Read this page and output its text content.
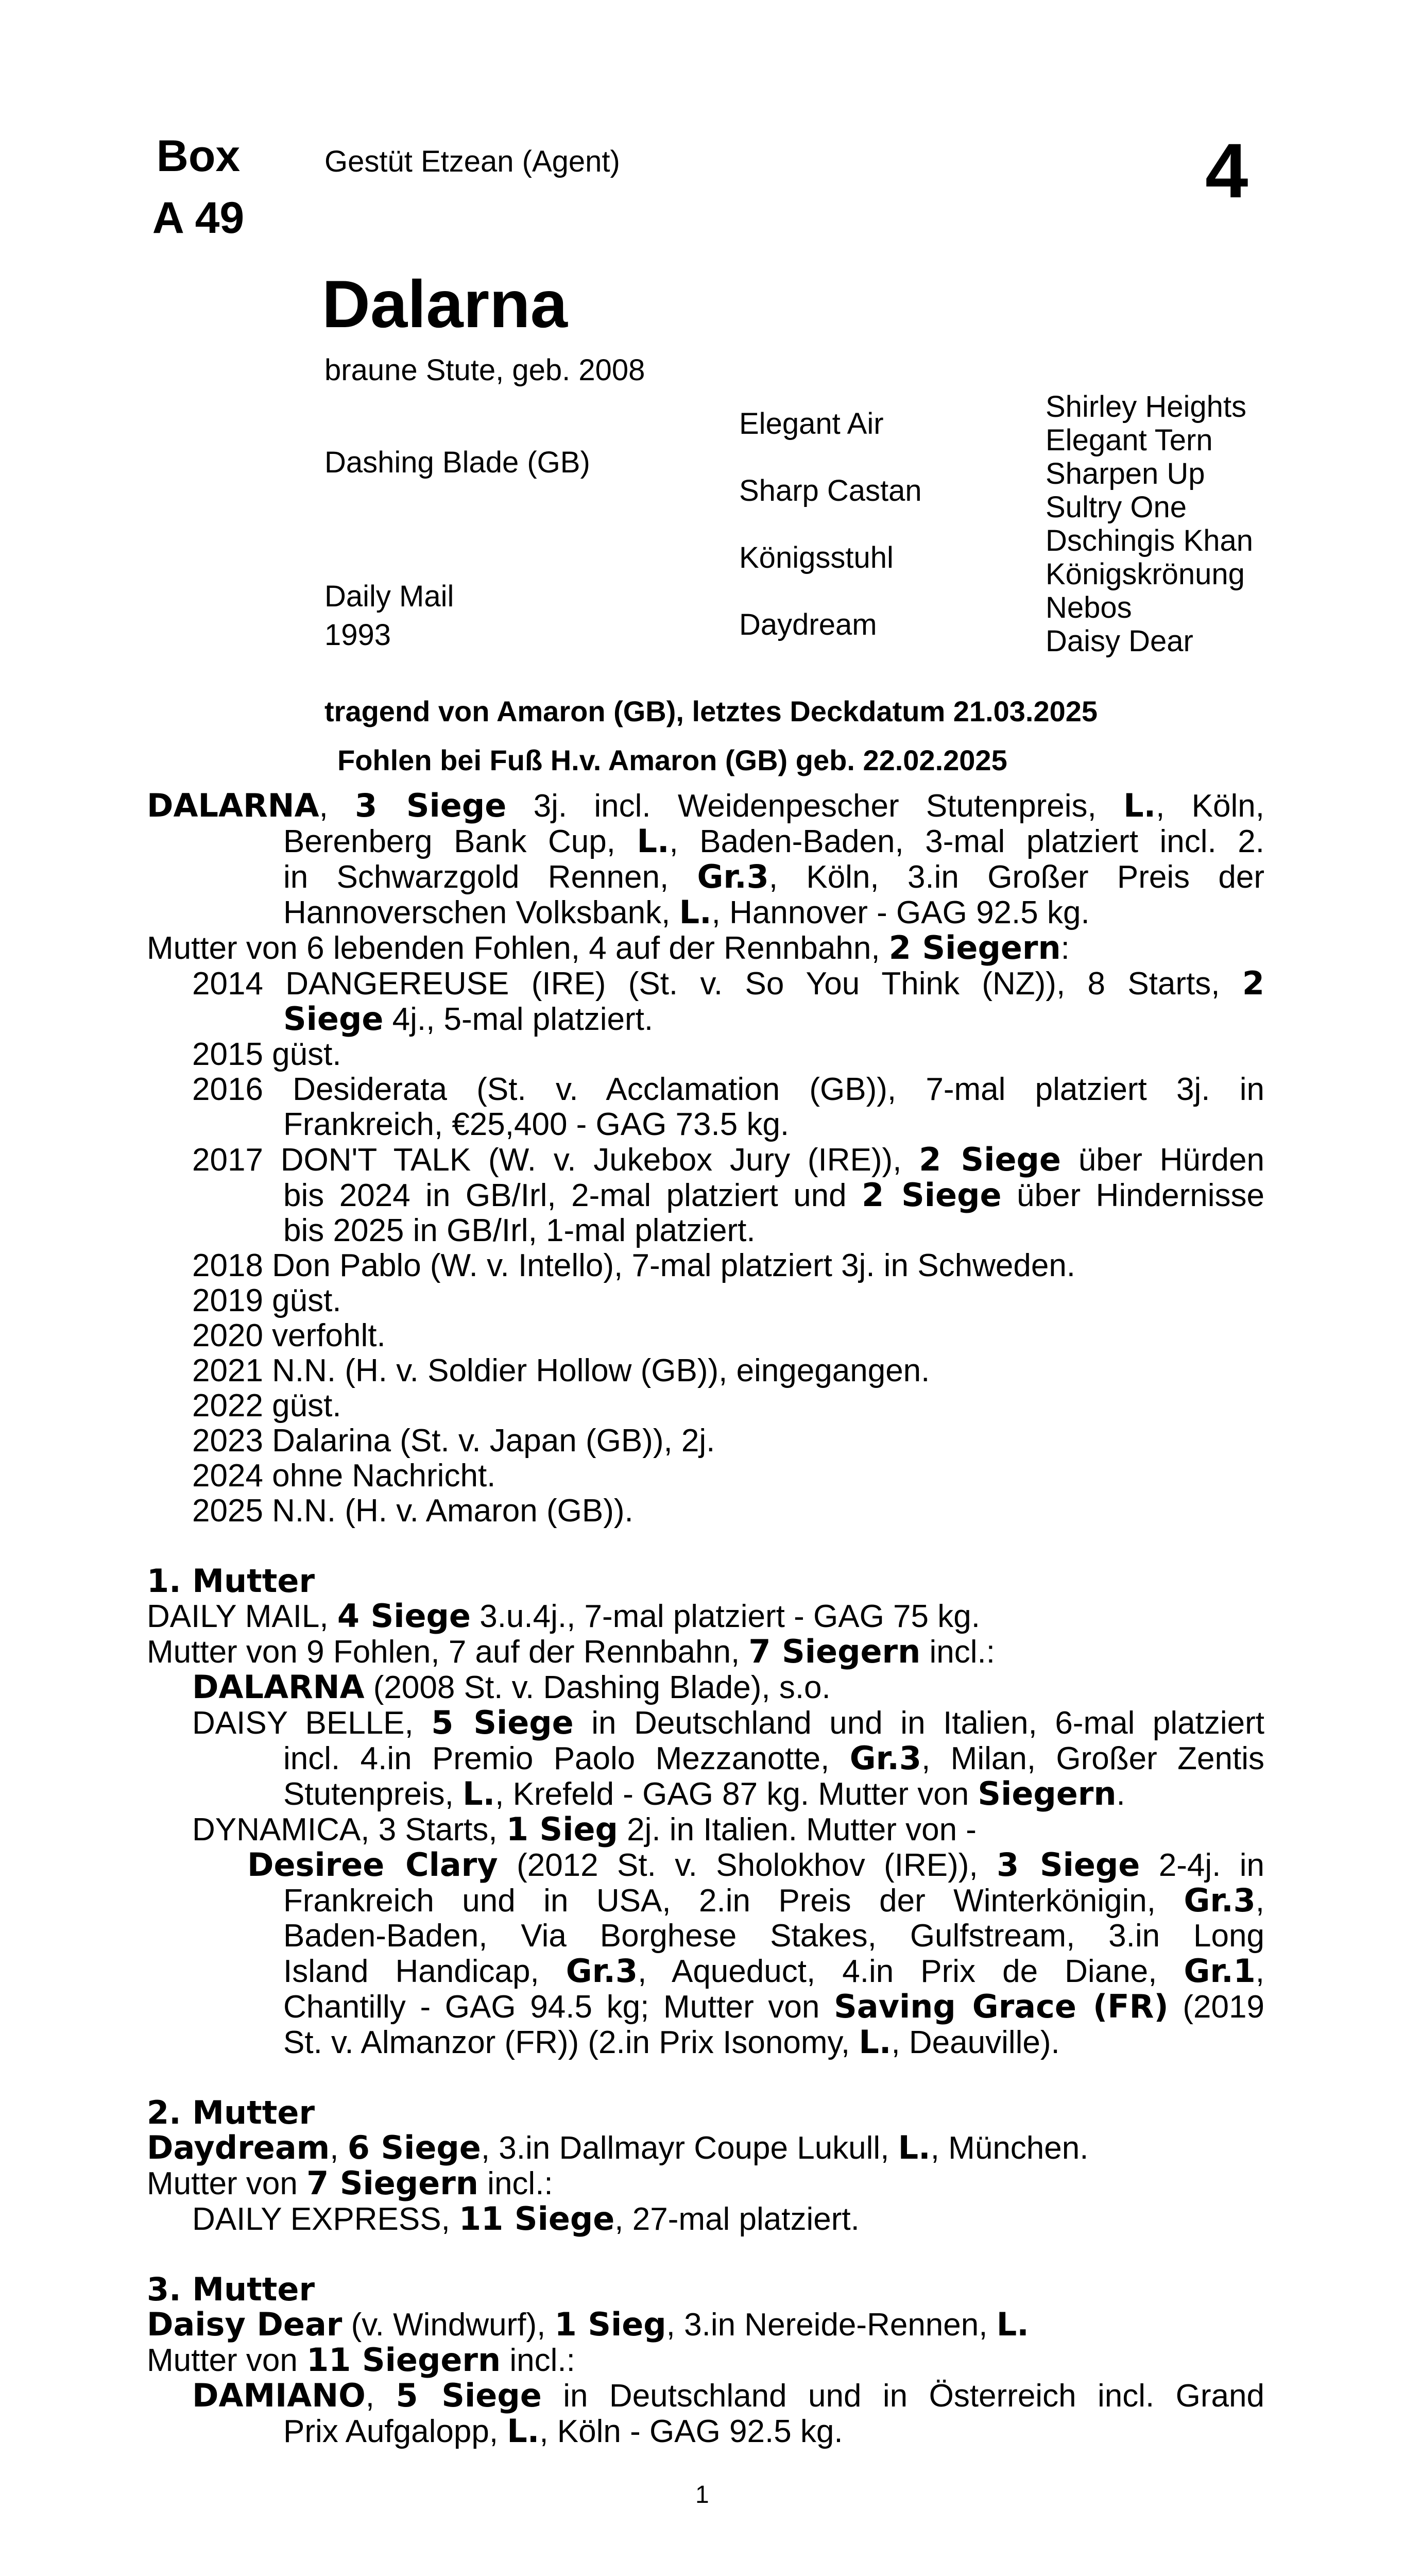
Box
A 49
Gestüt Etzean (Agent)	4
Dalarna
braune Stute, geb. 2008
Dashing Blade (GB)
Daily Mail
1993
Elegant Air
Sharp Castan
Königsstuhl
Daydream
Shirley Heights
Elegant Tern
Sharpen Up
Sultry One
Dschingis Khan
Königskrönung
Nebos
Daisy Dear
tragend von Amaron (GB), letztes Deckdatum 21.03.2025
Fohlen bei Fuß H.v. Amaron (GB) geb. 22.02.2025

DALARNA, 3 Siege 3j. incl. Weidenpescher Stutenpreis, L., Köln,

Berenberg Bank Cup, L., Baden-Baden, 3-mal platziert incl. 2.

in Schwarzgold Rennen, Gr.3, Köln, 3.in Großer Preis der

Hannoverschen Volksbank, L., Hannover - GAG 92.5 kg.

Mutter von 6 lebenden Fohlen, 4 auf der Rennbahn, 2 Siegern:

2014 DANGEREUSE (IRE) (St. v. So You Think (NZ)), 8 Starts, 2

Siege 4j., 5-mal platziert.

2015 güst.

2016 Desiderata (St. v. Acclamation (GB)), 7-mal platziert 3j. in

Frankreich, €25,400 - GAG 73.5 kg.

2017 DON'T TALK (W. v. Jukebox Jury (IRE)), 2 Siege über Hürden

bis 2024 in GB/Irl, 2-mal platziert und 2 Siege über Hindernisse

bis 2025 in GB/Irl, 1-mal platziert.

2018 Don Pablo (W. v. Intello), 7-mal platziert 3j. in Schweden.

2019 güst.

2020 verfohlt.

2021 N.N. (H. v. Soldier Hollow (GB)), eingegangen.

2022 güst.

2023 Dalarina (St. v. Japan (GB)), 2j.

2024 ohne Nachricht.

2025 N.N. (H. v. Amaron (GB)).

1. Mutter

DAILY MAIL, 4 Siege 3.u.4j., 7-mal platziert - GAG 75 kg.

Mutter von 9 Fohlen, 7 auf der Rennbahn, 7 Siegern incl.:

DALARNA (2008 St. v. Dashing Blade), s.o.

DAISY BELLE, 5 Siege in Deutschland und in Italien, 6-mal platziert

incl. 4.in Premio Paolo Mezzanotte, Gr.3, Milan, Großer Zentis

Stutenpreis, L., Krefeld - GAG 87 kg. Mutter von Siegern.

DYNAMICA, 3 Starts, 1 Sieg 2j. in Italien. Mutter von -

Desiree Clary (2012 St. v. Sholokhov (IRE)), 3 Siege 2-4j. in

Frankreich und in USA, 2.in Preis der Winterkönigin, Gr.3,

Baden-Baden, Via Borghese Stakes, Gulfstream, 3.in Long

Island Handicap, Gr.3, Aqueduct, 4.in Prix de Diane, Gr.1,

Chantilly - GAG 94.5 kg; Mutter von Saving Grace (FR) (2019

St. v. Almanzor (FR)) (2.in Prix Isonomy, L., Deauville).

2. Mutter

Daydream, 6 Siege, 3.in Dallmayr Coupe Lukull, L., München.

Mutter von 7 Siegern incl.:

DAILY EXPRESS, 11 Siege, 27-mal platziert.

3. Mutter

Daisy Dear (v. Windwurf), 1 Sieg, 3.in Nereide-Rennen, L.

Mutter von 11 Siegern incl.:

DAMIANO, 5 Siege in Deutschland und in Österreich incl. Grand

Prix Aufgalopp, L., Köln - GAG 92.5 kg.

1
